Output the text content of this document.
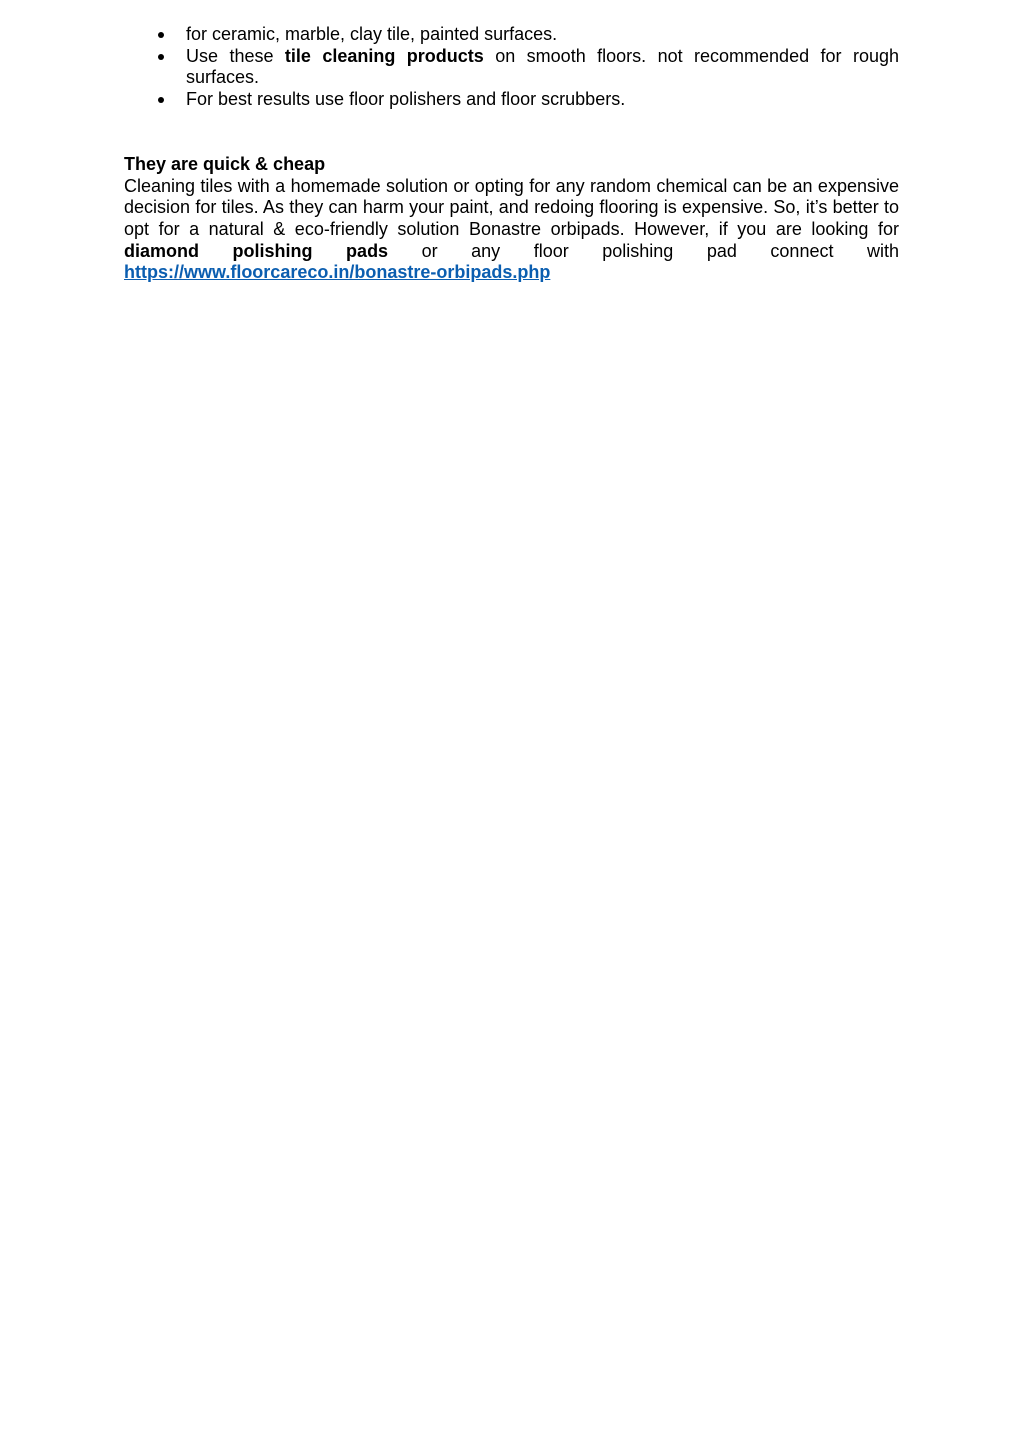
for ceramic, marble, clay tile, painted surfaces.
Use these tile cleaning products on smooth floors. not recommended for rough surfaces.
For best results use floor polishers and floor scrubbers.

They are quick & cheap

Cleaning tiles with a homemade solution or opting for any random chemical can be an expensive decision for tiles. As they can harm your paint, and redoing flooring is expensive. So, it’s better to opt for a natural & eco-friendly solution Bonastre orbipads. However, if you are looking for diamond polishing pads or any floor polishing pad connect with https://www.floorcareco.in/bonastre-orbipads.php
